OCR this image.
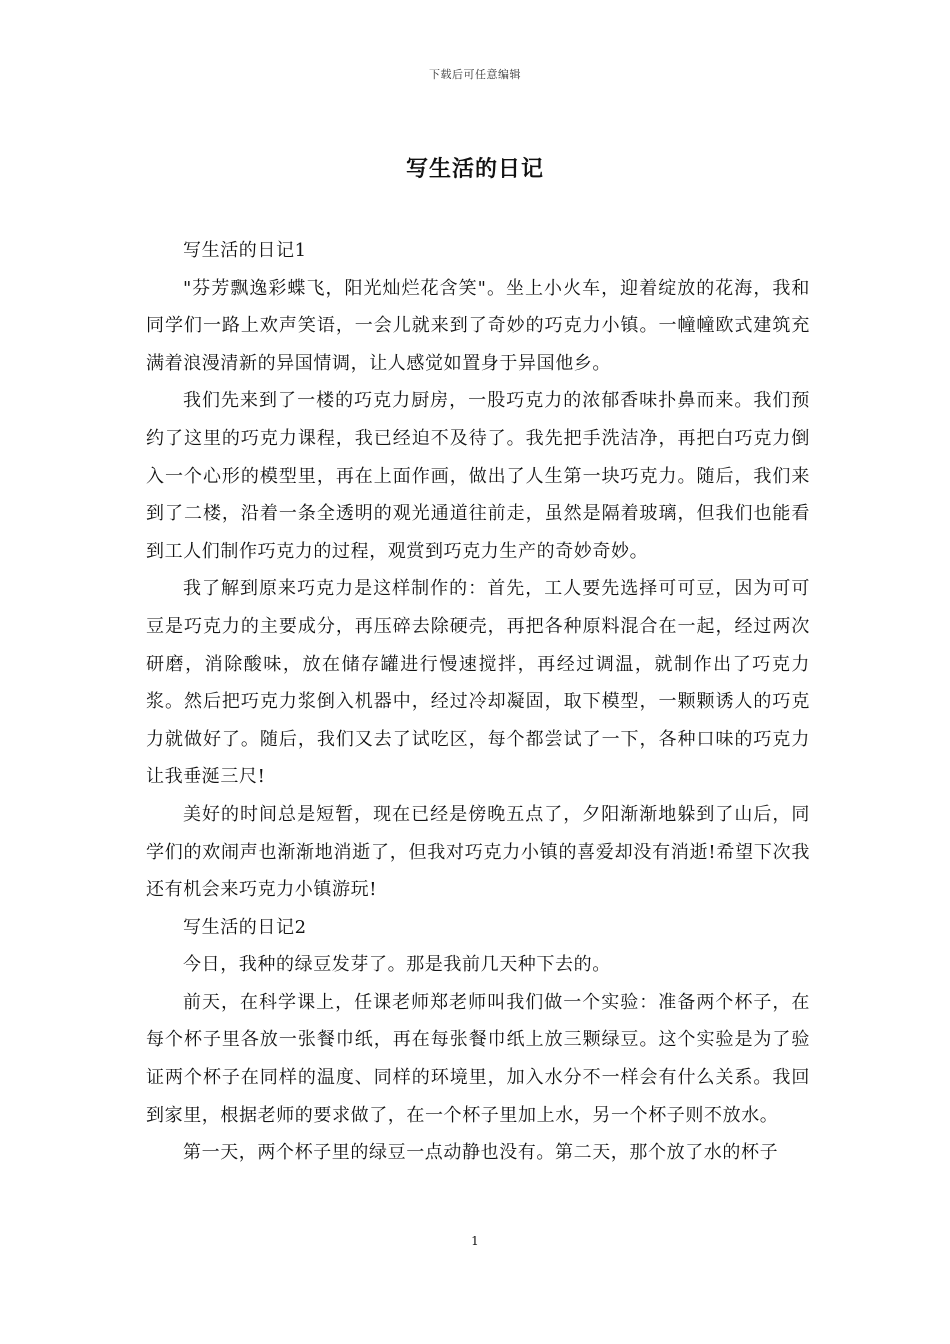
下载后可任意编辑
写生活的日记

写生活的日记1

"芬芳飘逸彩蝶飞，阳光灿烂花含笑"。坐上小火车，迎着绽放的花海，我和同学们一路上欢声笑语，一会儿就来到了奇妙的巧克力小镇。一幢幢欧式建筑充满着浪漫清新的异国情调，让人感觉如置身于异国他乡。

我们先来到了一楼的巧克力厨房，一股巧克力的浓郁香味扑鼻而来。我们预约了这里的巧克力课程，我已经迫不及待了。我先把手洗洁净，再把白巧克力倒入一个心形的模型里，再在上面作画，做出了人生第一块巧克力。随后，我们来到了二楼，沿着一条全透明的观光通道往前走，虽然是隔着玻璃，但我们也能看到工人们制作巧克力的过程，观赏到巧克力生产的奇妙奇妙。

我了解到原来巧克力是这样制作的：首先，工人要先选择可可豆，因为可可豆是巧克力的主要成分，再压碎去除硬壳，再把各种原料混合在一起，经过两次研磨，消除酸味，放在储存罐进行慢速搅拌，再经过调温，就制作出了巧克力浆。然后把巧克力浆倒入机器中，经过冷却凝固，取下模型，一颗颗诱人的巧克力就做好了。随后，我们又去了试吃区，每个都尝试了一下，各种口味的巧克力让我垂涎三尺!

美好的时间总是短暂，现在已经是傍晚五点了，夕阳渐渐地躲到了山后，同学们的欢闹声也渐渐地消逝了，但我对巧克力小镇的喜爱却没有消逝!希望下次我还有机会来巧克力小镇游玩!

写生活的日记2

今日，我种的绿豆发芽了。那是我前几天种下去的。

前天，在科学课上，任课老师郑老师叫我们做一个实验：准备两个杯子，在每个杯子里各放一张餐巾纸，再在每张餐巾纸上放三颗绿豆。这个实验是为了验证两个杯子在同样的温度、同样的环境里，加入水分不一样会有什么关系。我回到家里，根据老师的要求做了，在一个杯子里加上水，另一个杯子则不放水。

第一天，两个杯子里的绿豆一点动静也没有。第二天，那个放了水的杯子

1
